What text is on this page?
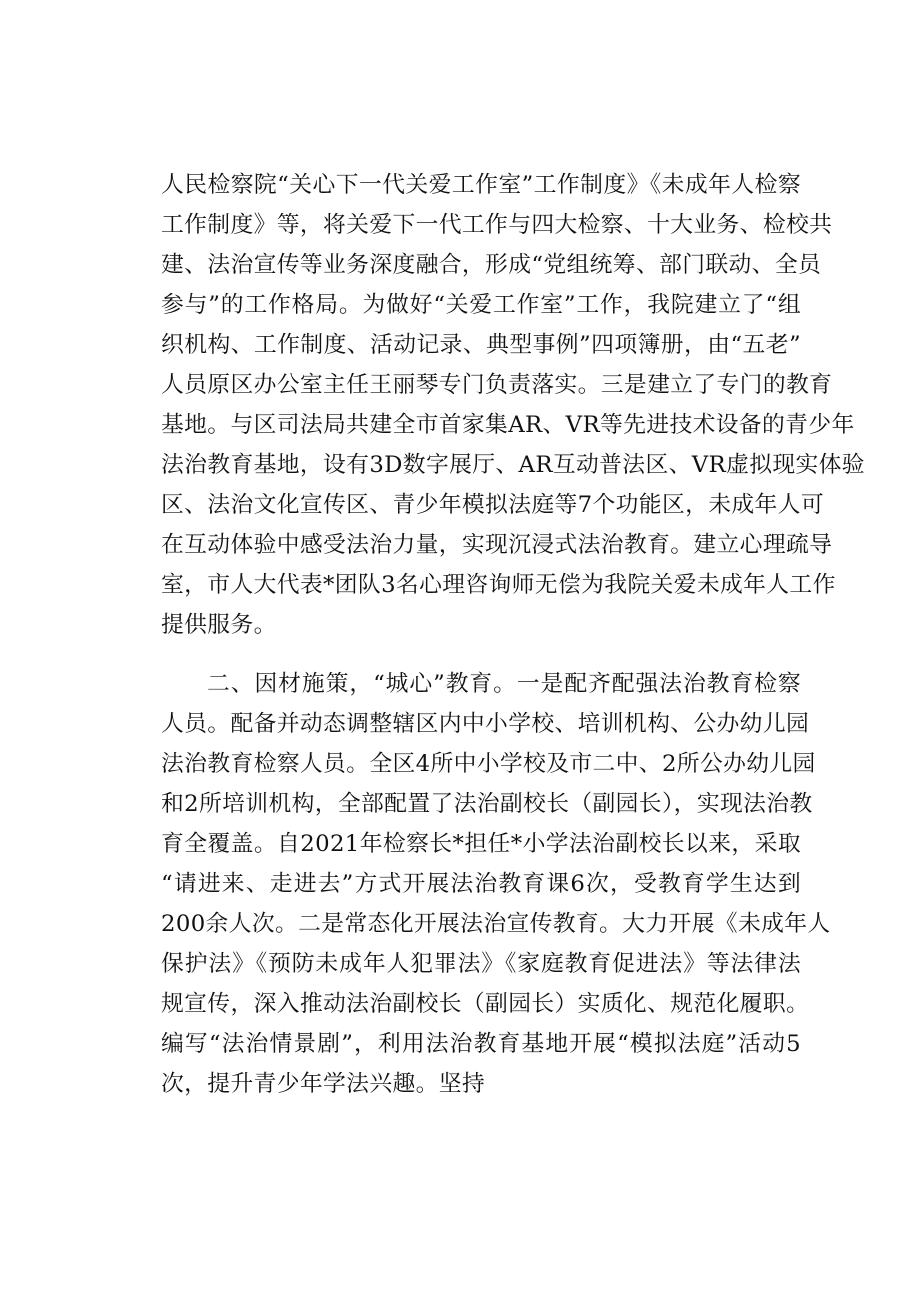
人民检察院“关心下一代关爱工作室”工作制度》《未成年人检察
工作制度》等，将关爱下一代工作与四大检察、十大业务、检校共
建、法治宣传等业务深度融合，形成“党组统筹、部门联动、全员
参与”的工作格局。为做好“关爱工作室”工作，我院建立了“组
织机构、工作制度、活动记录、典型事例”四项簿册，由“五老”
人员原区办公室主任王丽琴专门负责落实。三是建立了专门的教育
基地。与区司法局共建全市首家集AR、VR等先进技术设备的青少年
法治教育基地，设有3D数字展厅、AR互动普法区、VR虚拟现实体验
区、法治文化宣传区、青少年模拟法庭等7个功能区，未成年人可
在互动体验中感受法治力量，实现沉浸式法治教育。建立心理疏导
室，市人大代表*团队3名心理咨询师无偿为我院关爱未成年人工作
提供服务。
二、因材施策，“城心”教育。一是配齐配强法治教育检察
人员。配备并动态调整辖区内中小学校、培训机构、公办幼儿园
法治教育检察人员。全区4所中小学校及市二中、2所公办幼儿园
和2所培训机构，全部配置了法治副校长（副园长），实现法治教
育全覆盖。自2021年检察长*担任*小学法治副校长以来，采取
“请进来、走进去”方式开展法治教育课6次，受教育学生达到
200余人次。二是常态化开展法治宣传教育。大力开展《未成年人
保护法》《预防未成年人犯罪法》《家庭教育促进法》等法律法
规宣传，深入推动法治副校长（副园长）实质化、规范化履职。
编写“法治情景剧”，利用法治教育基地开展“模拟法庭”活动5
次，提升青少年学法兴趣。坚持
